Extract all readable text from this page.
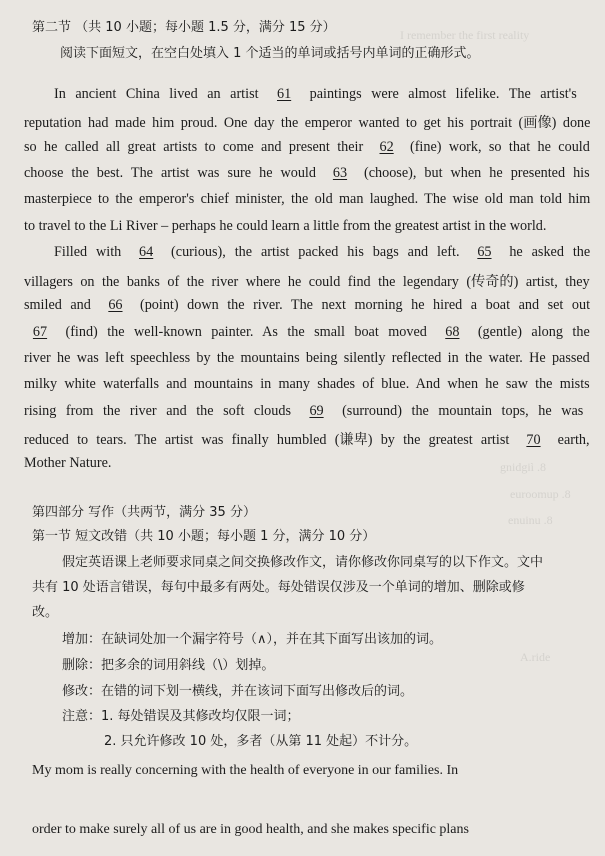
I remember the first reality
gnidgiì .8
euroomup .8
enuinu .8
A.ride
第二节 （共 10 小题；每小题 1.5 分，满分 15 分）
阅读下面短文，在空白处填入 1 个适当的单词或括号内单词的正确形式。
In ancient China lived an artist 61 paintings were almost lifelike. The artist's
reputation had made him proud. One day the emperor wanted to get his portrait (画像) done
so he called all great artists to come and present their 62 (fine) work, so that he could
choose the best. The artist was sure he would 63 (choose), but when he presented his
masterpiece to the emperor's chief minister, the old man laughed. The wise old man told him
to travel to the Li River – perhaps he could learn a little from the greatest artist in the world.
Filled with 64 (curious), the artist packed his bags and left. 65 he asked the
villagers on the banks of the river where he could find the legendary (传奇的) artist, they
smiled and 66 (point) down the river. The next morning he hired a boat and set out
67 (find) the well-known painter. As the small boat moved 68 (gentle) along the
river he was left speechless by the mountains being silently reflected in the water. He passed
milky white waterfalls and mountains in many shades of blue. And when he saw the mists
rising from the river and the soft clouds 69 (surround) the mountain tops, he was
reduced to tears. The artist was finally humbled (谦卑) by the greatest artist 70 earth,
Mother Nature.
第四部分 写作（共两节，满分 35 分）
第一节 短文改错（共 10 小题；每小题 1 分，满分 10 分）
假定英语课上老师要求同桌之间交换修改作文，请你修改你同桌写的以下作文。文中
共有 10 处语言错误，每句中最多有两处。每处错误仅涉及一个单词的增加、删除或修
改。
增加：在缺词处加一个漏字符号（∧），并在其下面写出该加的词。
删除：把多余的词用斜线（\）划掉。
修改：在错的词下划一横线，并在该词下面写出修改后的词。
注意：1. 每处错误及其修改均仅限一词；
2. 只允许修改 10 处，多者（从第 11 处起）不计分。
My mom is really concerning with the health of everyone in our families. In
order to make surely all of us are in good health, and she makes specific plans
